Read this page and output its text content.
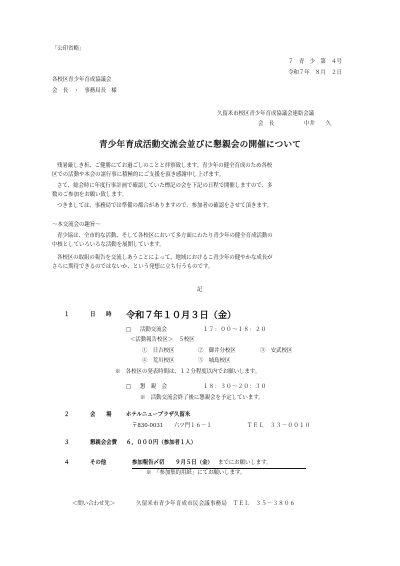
「公印省略」
７　青　少　第　４号
令和７年　８月　２日
各校区青少年育成協議会
会　長　・　事務局長　様
久留米市校区青少年育成協議会連絡会議
会　長	中井　　久
青少年育成活動交流会並びに懇親会の開催について
残暑厳しき折、ご健勝にてお過ごしのことと拝察致します。青少年の健全育成のため各校
区での活動や本会の諸行事に積極的にご支援を頂き感謝申し上げます。
さて、総会時に年度行事計画で確認していた標記の会を下記の日程で開催しますので、多
数のご参加をお願い致します。
つきましては、事務局では準備の都合がありますので、参加者の確認をさせて頂きます。
～本交流会の趣旨～
青少協は、全市的な活動、そして各校区において多方面にわたり青少年の健全育成活動の
中核としていろいろな活動を展開しています。
各校区の取組の報告を交流しあうことによって、地域におけるこ青少年の健やかな成長が
さらに期待できるのではないか、という発想に立ち行うものです。
記
１	日　　時 令和７年１０月３日（金）
□ 活動交流会	１７：００～１８：２０
＜活動報告校区＞　５校区
①　日吉校区	②　御井分校区	③　安武校区
④　荒川校区	⑤　城島校区
※　各校区の発表時間は、１２分程度以内でお願いします。
□ 懇　親　会	１８：３０～２０：３０
※　活動交流会終了後に懇親会を予定しています。
２	会　　場	ホテルニュープラザ久留米
〒830-0031　　六ツ門１６－１	ＴＥＬ　３３－００１０
３	懇親会会費 ６，０００円（参加者１人）
４	その他	参加報告〆切　　９月５日（金） までにお願いします。
※　「参加集約用紙」にてお願いします。
＜問い合わせ先＞	久留米市青少年育成市民会議事務局　ＴＥＬ　３５－３８０６
